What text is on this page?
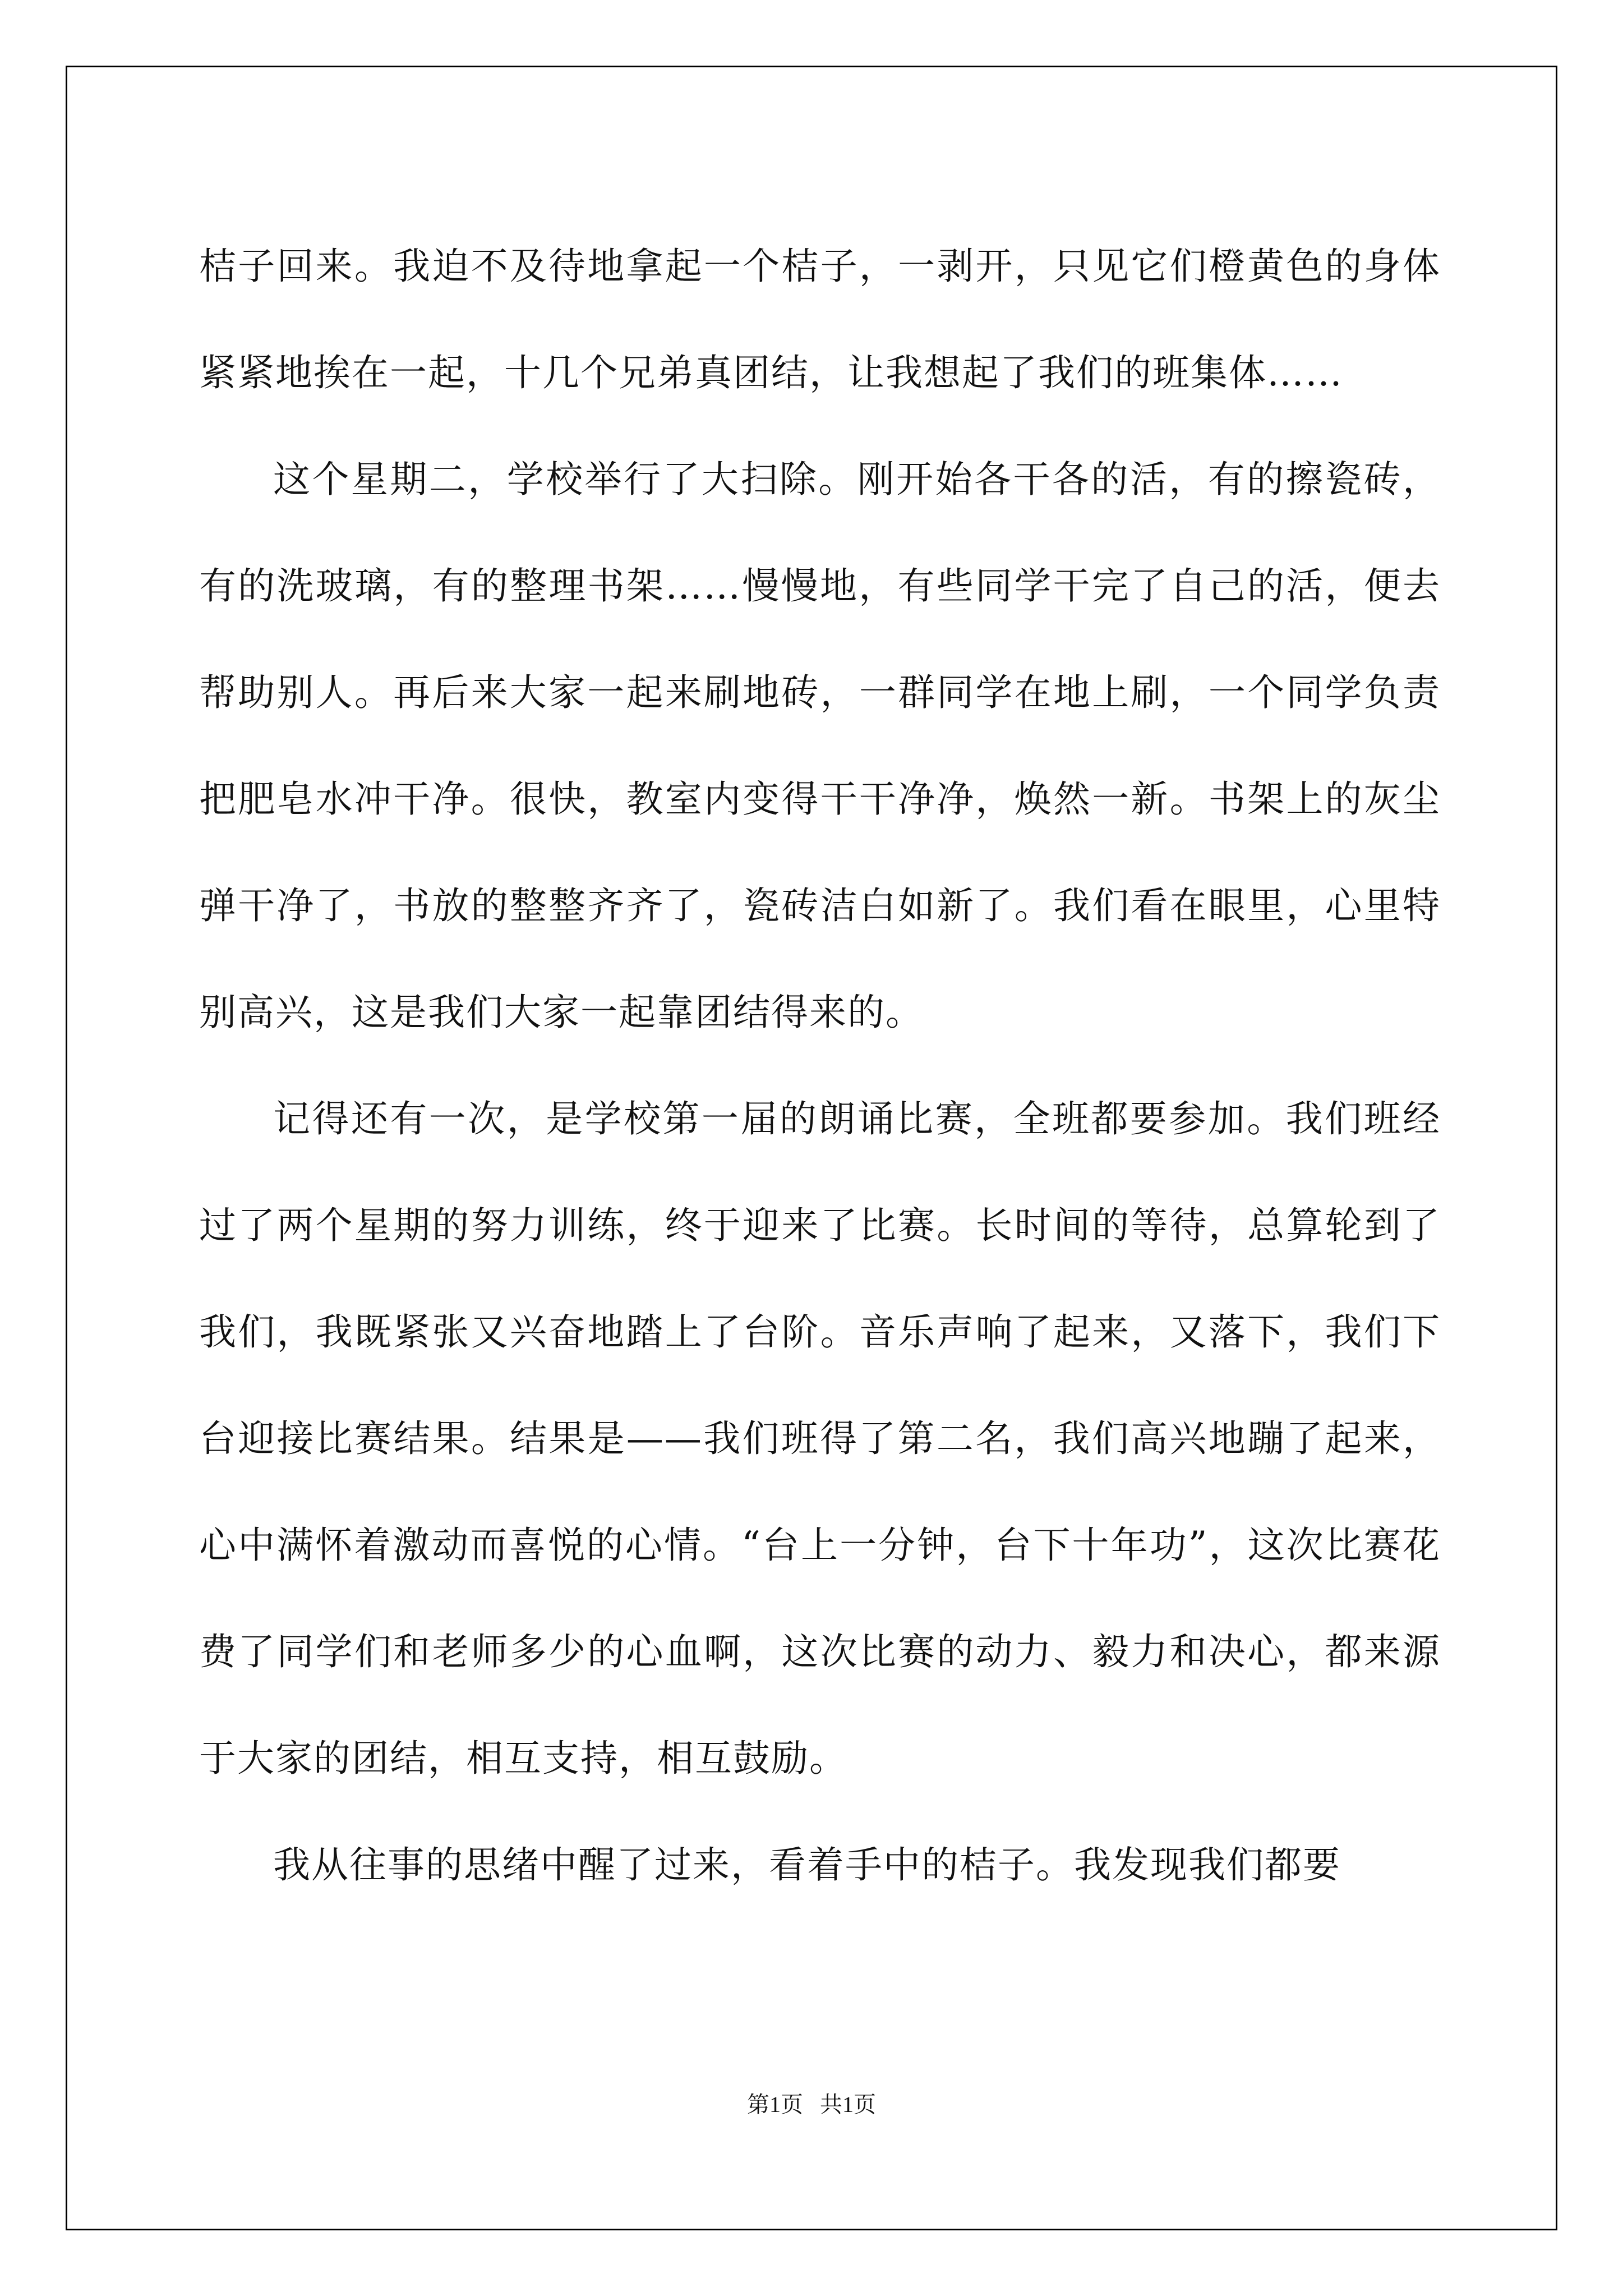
桔子回来。我迫不及待地拿起一个桔子，一剥开，只见它们橙黄色的身体紧紧地挨在一起，十几个兄弟真团结，让我想起了我们的班集体……

这个星期二，学校举行了大扫除。刚开始各干各的活，有的擦瓷砖，有的洗玻璃，有的整理书架……慢慢地，有些同学干完了自己的活，便去帮助别人。再后来大家一起来刷地砖，一群同学在地上刷，一个同学负责把肥皂水冲干净。很快，教室内变得干干净净，焕然一新。书架上的灰尘弹干净了，书放的整整齐齐了，瓷砖洁白如新了。我们看在眼里，心里特别高兴，这是我们大家一起靠团结得来的。

记得还有一次，是学校第一届的朗诵比赛，全班都要参加。我们班经过了两个星期的努力训练，终于迎来了比赛。长时间的等待，总算轮到了我们，我既紧张又兴奋地踏上了台阶。音乐声响了起来，又落下，我们下台迎接比赛结果。结果是——我们班得了第二名，我们高兴地蹦了起来，心中满怀着激动而喜悦的心情。“台上一分钟，台下十年功”，这次比赛花费了同学们和老师多少的心血啊，这次比赛的动力、毅力和决心，都来源于大家的团结，相互支持，相互鼓励。

我从往事的思绪中醒了过来，看着手中的桔子。我发现我们都要

第1页   共1页
